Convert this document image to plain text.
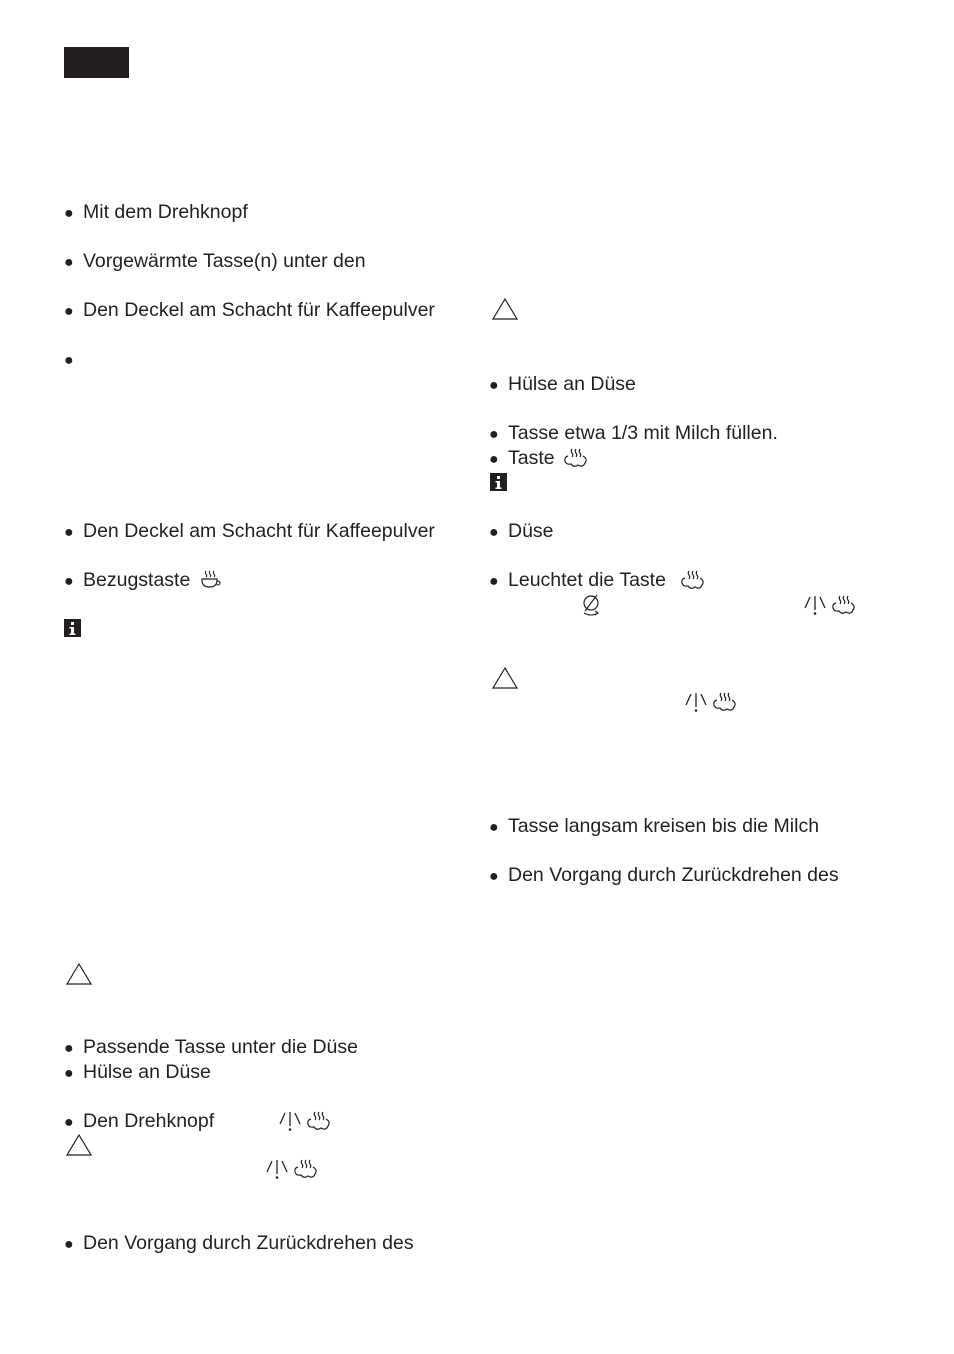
● Mit dem Drehknopf
● Vorgewärmte Tasse(n) unter den
● Den Deckel am Schacht für Kaffeepulver
●
● Den Deckel am Schacht für Kaffeepulver
● Bezugstaste
● Passende Tasse unter die Düse
● Hülse an Düse
● Den Drehknopf
● Den Vorgang durch Zurückdrehen des
● Hülse an Düse
● Tasse etwa 1/3 mit Milch füllen.
● Taste
● Düse
● Leuchtet die Taste
● Tasse langsam kreisen bis die Milch
● Den Vorgang durch Zurückdrehen des
